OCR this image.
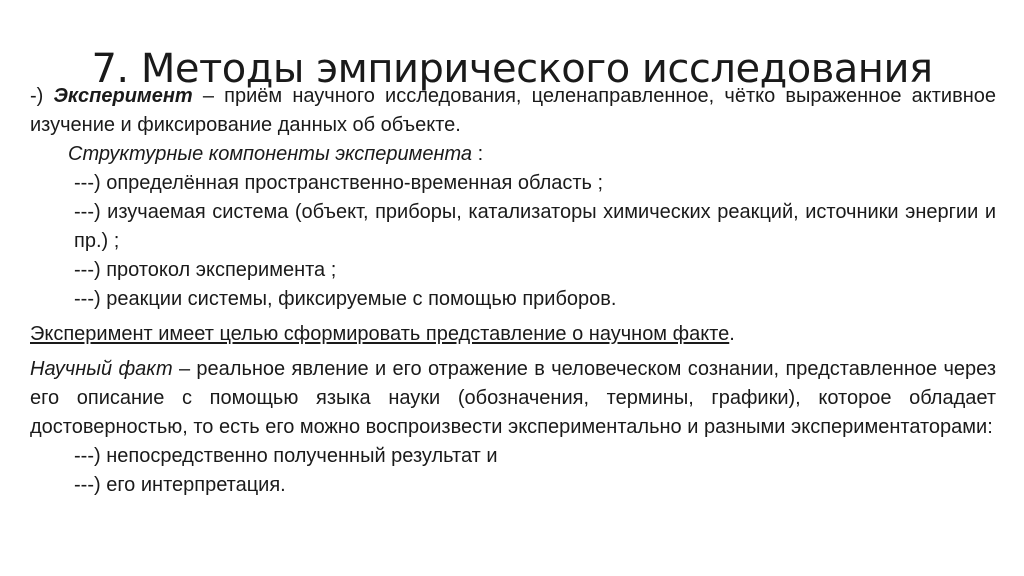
7. Методы эмпирического исследования

-) Эксперимент – приём научного исследования, целенаправленное, чётко выраженное активное изучение и фиксирование данных об объекте.

Структурные компоненты эксперимента :

---) определённая пространственно-временная область ;

---) изучаемая система (объект, приборы, катализаторы химических реакций, источники энергии и пр.) ;

---) протокол эксперимента ;

---) реакции системы, фиксируемые с помощью приборов.

Эксперимент имеет целью сформировать представление о научном факте.

Научный факт – реальное явление и его отражение в человеческом сознании, представленное через его описание с помощью языка науки (обозначения, термины, графики), которое обладает достоверностью, то есть его можно воспроизвести экспериментально и разными экспериментаторами:

---) непосредственно полученный результат и

---) его интерпретация.
